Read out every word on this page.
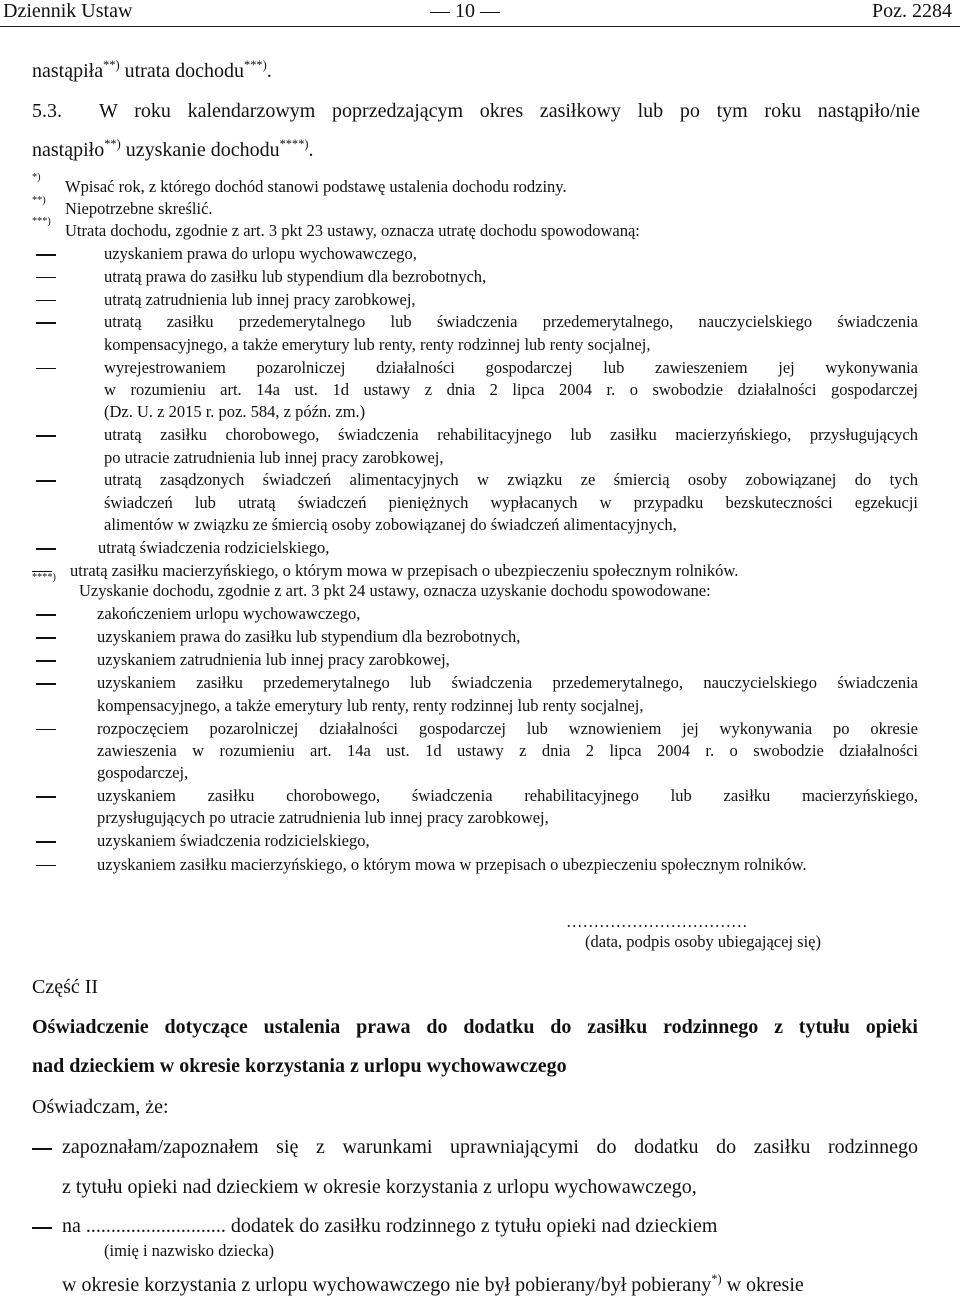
Dziennik Ustaw	— 10 —	Poz. 2284
nastąpiła**) utrata dochodu***).
5.3. W roku kalendarzowym poprzedzającym okres zasiłkowy lub po tym roku nastąpiło/nie
nastąpiło**) uzyskanie dochodu****).
*) Wpisać rok, z którego dochód stanowi podstawę ustalenia dochodu rodziny.
**) Niepotrzebne skreślić.
***) Utrata dochodu, zgodnie z art. 3 pkt 23 ustawy, oznacza utratę dochodu spowodowaną:
uzyskaniem prawa do urlopu wychowawczego,
utratą prawa do zasiłku lub stypendium dla bezrobotnych,
utratą zatrudnienia lub innej pracy zarobkowej,
utratą zasiłku przedemerytalnego lub świadczenia przedemerytalnego, nauczycielskiego świadczenia
kompensacyjnego, a także emerytury lub renty, renty rodzinnej lub renty socjalnej,
wyrejestrowaniem pozarolniczej działalności gospodarczej lub zawieszeniem jej wykonywania
w rozumieniu art. 14a ust. 1d ustawy z dnia 2 lipca 2004 r. o swobodzie działalności gospodarczej
(Dz. U. z 2015 r. poz. 584, z późn. zm.)
utratą zasiłku chorobowego, świadczenia rehabilitacyjnego lub zasiłku macierzyńskiego, przysługujących
po utracie zatrudnienia lub innej pracy zarobkowej,
utratą zasądzonych świadczeń alimentacyjnych w związku ze śmiercią osoby zobowiązanej do tych
świadczeń lub utratą świadczeń pieniężnych wypłacanych w przypadku bezskuteczności egzekucji
alimentów w związku ze śmiercią osoby zobowiązanej do świadczeń alimentacyjnych,
utratą świadczenia rodzicielskiego,
utratą zasiłku macierzyńskiego, o którym mowa w przepisach o ubezpieczeniu społecznym rolników.
****)
Uzyskanie dochodu, zgodnie z art. 3 pkt 24 ustawy, oznacza uzyskanie dochodu spowodowane:
zakończeniem urlopu wychowawczego,
uzyskaniem prawa do zasiłku lub stypendium dla bezrobotnych,
uzyskaniem zatrudnienia lub innej pracy zarobkowej,
uzyskaniem zasiłku przedemerytalnego lub świadczenia przedemerytalnego, nauczycielskiego świadczenia
kompensacyjnego, a także emerytury lub renty, renty rodzinnej lub renty socjalnej,
rozpoczęciem pozarolniczej działalności gospodarczej lub wznowieniem jej wykonywania po okresie
zawieszenia w rozumieniu art. 14a ust. 1d ustawy z dnia 2 lipca 2004 r. o swobodzie działalności
gospodarczej,
uzyskaniem zasiłku chorobowego, świadczenia rehabilitacyjnego lub zasiłku macierzyńskiego,
przysługujących po utracie zatrudnienia lub innej pracy zarobkowej,
uzyskaniem świadczenia rodzicielskiego,
uzyskaniem zasiłku macierzyńskiego, o którym mowa w przepisach o ubezpieczeniu społecznym rolników.
……………………………
(data, podpis osoby ubiegającej się)
Część II
Oświadczenie dotyczące ustalenia prawa do dodatku do zasiłku rodzinnego z tytułu opieki
nad dzieckiem w okresie korzystania z urlopu wychowawczego
Oświadczam, że:
zapoznałam/zapoznałem się z warunkami uprawniającymi do dodatku do zasiłku rodzinnego
z tytułu opieki nad dzieckiem w okresie korzystania z urlopu wychowawczego,
na ............................ dodatek do zasiłku rodzinnego z tytułu opieki nad dzieckiem
(imię i nazwisko dziecka)
w okresie korzystania z urlopu wychowawczego nie był pobierany/był pobierany*) w okresie
